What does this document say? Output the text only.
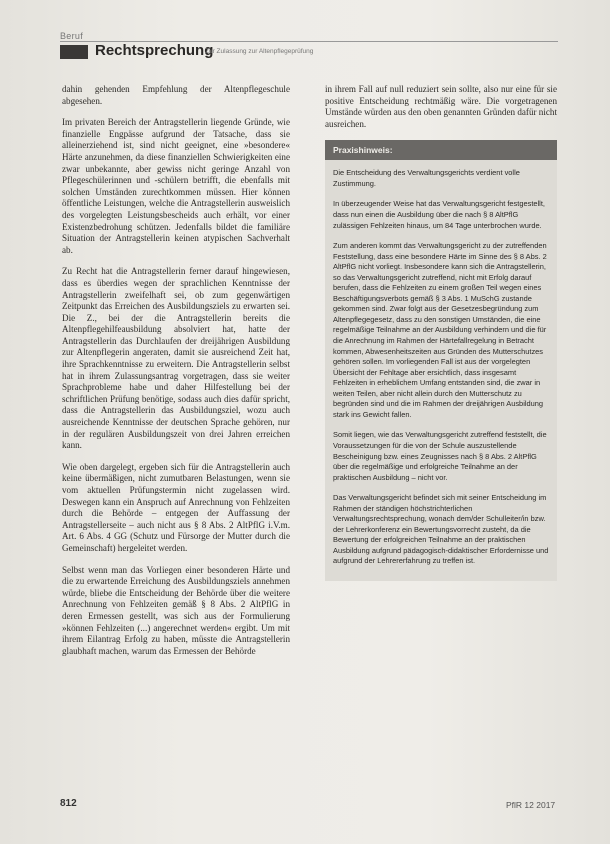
Beruf
Rechtsprechung
Zur Zulassung zur Altenpflegeprüfung

dahin gehenden Empfehlung der Altenpflegeschule abgesehen.

Im privaten Bereich der Antragstellerin liegende Gründe, wie finanzielle Engpässe aufgrund der Tatsache, dass sie alleinerziehend ist, sind nicht geeignet, eine »besondere« Härte anzunehmen, da diese finanziellen Schwierigkeiten eine zwar unbekannte, aber gewiss nicht geringe Anzahl von Pflegeschülerinnen und -schülern betrifft, die ebenfalls mit solchen Umständen zurechtkommen müssen. Hier können öffentliche Leistungen, welche die Antragstellerin ausweislich des vorgelegten Leistungsbescheids auch erhält, vor einer Existenzbedrohung schützen. Jedenfalls bildet die familiäre Situation der Antragstellerin keinen atypischen Sachverhalt ab.

Zu Recht hat die Antragstellerin ferner darauf hingewiesen, dass es überdies wegen der sprachlichen Kenntnisse der Antragstellerin zweifelhaft sei, ob zum gegenwärtigen Zeitpunkt das Erreichen des Ausbildungsziels zu erwarten sei. Die Z., bei der die Antragstellerin bereits die Altenpflegehilfeausbildung absolviert hat, hatte der Antragstellerin das Durchlaufen der dreijährigen Ausbildung zur Altenpflegerin angeraten, damit sie ausreichend Zeit hat, ihre Sprachkenntnisse zu erweitern. Die Antragstellerin selbst hat in ihrem Zulassungsantrag vorgetragen, dass sie weiter Sprachprobleme habe und daher Hilfestellung bei der schriftlichen Prüfung benötige, sodass auch dies dafür spricht, dass die Antragstellerin das Ausbildungsziel, wozu auch ausreichende Kenntnisse der deutschen Sprache gehören, nur in der regulären Ausbildungszeit von drei Jahren erreichen kann.

Wie oben dargelegt, ergeben sich für die Antragstellerin auch keine übermäßigen, nicht zumutbaren Belastungen, wenn sie vom aktuellen Prüfungstermin nicht zugelassen wird. Deswegen kann ein Anspruch auf Anrechnung von Fehlzeiten durch die Behörde – entgegen der Auffassung der Antragstellerseite – auch nicht aus § 8 Abs. 2 AltPflG i.V.m. Art. 6 Abs. 4 GG (Schutz und Fürsorge der Mutter durch die Gemeinschaft) hergeleitet werden.

Selbst wenn man das Vorliegen einer besonderen Härte und die zu erwartende Erreichung des Ausbildungsziels annehmen würde, bliebe die Entscheidung der Behörde über die weitere Anrechnung von Fehlzeiten gemäß § 8 Abs. 2 AltPflG in deren Ermessen gestellt, was sich aus der Formulierung »können Fehlzeiten (...) angerechnet werden« ergibt. Um mit ihrem Eilantrag Erfolg zu haben, müsste die Antragstellerin glaubhaft machen, warum das Ermessen der Behörde

in ihrem Fall auf null reduziert sein sollte, also nur eine für sie positive Entscheidung rechtmäßig wäre. Die vorgetragenen Umstände würden aus den oben genannten Gründen dafür nicht ausreichen.

Praxishinweis:

Die Entscheidung des Verwaltungsgerichts verdient volle Zustimmung.

In überzeugender Weise hat das Verwaltungsgericht festgestellt, dass nun einen die Ausbildung über die nach § 8 AltPflG zulässigen Fehlzeiten hinaus, um 84 Tage unterbrochen wurde.

Zum anderen kommt das Verwaltungsgericht zu der zutreffenden Feststellung, dass eine besondere Härte im Sinne des § 8 Abs. 2 AltPflG nicht vorliegt. Insbesondere kann sich die Antragstellerin, so das Verwaltungsgericht zutreffend, nicht mit Erfolg darauf berufen, dass die Fehlzeiten zu einem großen Teil wegen eines Beschäftigungsverbots gemäß § 3 Abs. 1 MuSchG zustande gekommen sind. Zwar folgt aus der Gesetzesbegründung zum Altenpflegegesetz, dass zu den sonstigen Umständen, die eine regelmäßige Teilnahme an der Ausbildung verhindern und die für die Anrechnung im Rahmen der Härtefallregelung in Betracht kommen, Abwesenheitszeiten aus Gründen des Mutterschutzes gehören sollen. Im vorliegenden Fall ist aus der vorgelegten Übersicht der Fehltage aber ersichtlich, dass insgesamt Fehlzeiten in erheblichem Umfang entstanden sind, die zwar in weiten Teilen, aber nicht allein durch den Mutterschutz zu begründen sind und die im Rahmen der dreijährigen Ausbildung stark ins Gewicht fallen.

Somit liegen, wie das Verwaltungsgericht zutreffend feststellt, die Voraussetzungen für die von der Schule auszustellende Bescheinigung bzw. eines Zeugnisses nach § 8 Abs. 2 AltPflG über die regelmäßige und erfolgreiche Teilnahme an der praktischen Ausbildung – nicht vor.

Das Verwaltungsgericht befindet sich mit seiner Entscheidung im Rahmen der ständigen höchstrichterlichen Verwaltungsrechtsprechung, wonach dem/der Schulleiter/in bzw. der Lehrerkonferenz ein Bewertungsvorrecht zusteht, da die Bewertung der erfolgreichen Teilnahme an der praktischen Ausbildung aufgrund pädagogisch-didaktischer Erfordernisse und aufgrund der Lehrererfahrung zu treffen ist.

812	PflR 12 2017
